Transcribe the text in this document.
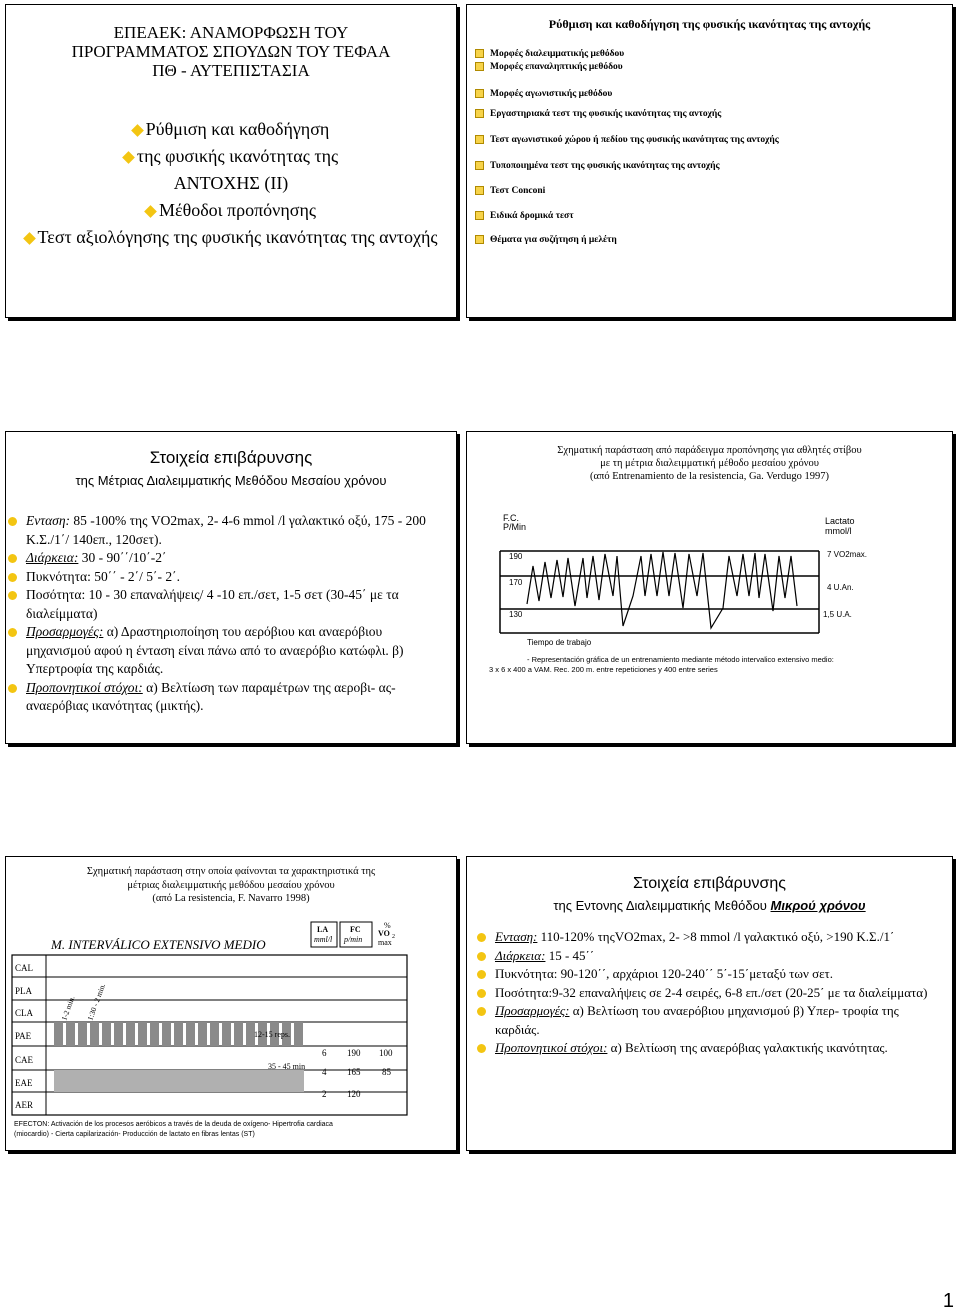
ΕΠΕΑΕΚ: ΑΝΑΜΟΡΦΩΣΗ ΤΟΥ
ΠΡΟΓΡΑΜΜΑΤΟΣ ΣΠΟΥΔΩΝ ΤΟΥ ΤΕΦΑΑ
ΠΘ - ΑΥΤΕΠΙΣΤΑΣΙΑ
Ρύθμιση και καθοδήγηση
της φυσικής ικανότητας της
ΑΝΤΟΧΗΣ (ΙΙ)
Μέθοδοι προπόνησης
Τεστ αξιολόγησης της φυσικής ικανότητας της αντοχής
Ρύθμιση και καθοδήγηση της φυσικής ικανότητας της αντοχής
Μορφές διαλειμματικής μεθόδου
Μορφές επαναληπτικής μεθόδου
Μορφές αγωνιστικής μεθόδου
Εργαστηριακά τεστ της φυσικής ικανότητας της αντοχής
Τεστ αγωνιστικού χώρου ή πεδίου της φυσικής ικανότητας της αντοχής
Τυποποιημένα τεστ της φυσικής ικανότητας της αντοχής
Τεστ Conconi
Ειδικά δρομικά τεστ
Θέματα για συζήτηση ή μελέτη
Στοιχεία επιβάρυνσης
της Μέτριας Διαλειμματικής Μεθόδου Μεσαίου χρόνου
Ενταση: 85 -100% της VO2max, 2- 4-6 mmol /l γαλακτικό οξύ, 175 - 200 Κ.Σ./1΄/ 140επ., 120σετ).
Διάρκεια: 30 - 90΄΄/10΄-2΄
Πυκνότητα: 50΄΄ - 2΄/ 5΄- 2΄.
Ποσότητα: 10 - 30 επαναλήψεις/ 4 -10 επ./σετ, 1-5 σετ (30-45΄ με τα διαλείμματα)
Προσαρμογές: α) Δραστηριοποίηση του αερόβιου και αναερόβιου μηχανισμού αφού η ένταση είναι πάνω από το αναερόβιο κατώφλι. β) Υπερτροφία της καρδιάς.
Προπονητικοί στόχοι: α) Βελτίωση των παραμέτρων της αεροβι- ας- αναερόβιας ικανότητας (μικτής).
Σχηματική παράσταση από παράδειγμα προπόνησης για αθλητές στίβου
με τη μέτρια διαλειμματική μέθοδο μεσαίου χρόνου
(από Entrenamiento de la resistencia, Ga. Verdugo 1997)
F.C.
P/Min
Lactato
mmol/l
190
170
130
7 VO2max.
4 U.An.
1,5 U.A.
Tiempo de trabajo
- Representación gráfica de un entrenamiento mediante método intervalico extensivo medio:
3 x 6 x 400 a VAM. Rec. 200 m. entre repeticiones y 400 entre series
Σχηματική παράσταση στην οποία φαίνονται τα χαρακτηριστικά της
μέτριας διαλειμματικής μεθόδου μεσαίου χρόνου
(από La resistencia, F. Navarro 1998)
M. INTERVÁLICO EXTENSIVO MEDIO
LA
mml/l
FC
p/min
%
VO 2
max
CAL
PLA
CLA
PAE
CAE
EAE
AER
1-2 min. 1:30 - 2 min.
12-15 reps.
35 - 45 min
6
4
2
190
165
120
100
85
EFECTON: Activación de los procesos aeróbicos a través de la deuda de oxígeno- Hipertrofia cardiaca
(miocardio) - Cierta capilarización- Producción de lactato en fibras lentas (ST)
Στοιχεία επιβάρυνσης
της Εντονης Διαλειμματικής Μεθόδου Μικρού χρόνου
Ενταση: 110-120% τηςVO2max, 2- >8 mmol /l γαλακτικό οξύ, >190 Κ.Σ./1΄
Διάρκεια: 15 - 45΄΄
Πυκνότητα: 90-120΄΄, αρχάριοι 120-240΄΄ 5΄-15΄μεταξύ των σετ.
Ποσότητα:9-32 επαναλήψεις σε 2-4 σειρές, 6-8 επ./σετ (20-25΄ με τα διαλείμματα)
Προσαρμογές: α) Βελτίωση του αναερόβιου μηχανισμού β) Υπερ- τροφία της καρδιάς.
Προπονητικοί στόχοι: α) Βελτίωση της αναερόβιας γαλακτικής ικανότητας.
1
